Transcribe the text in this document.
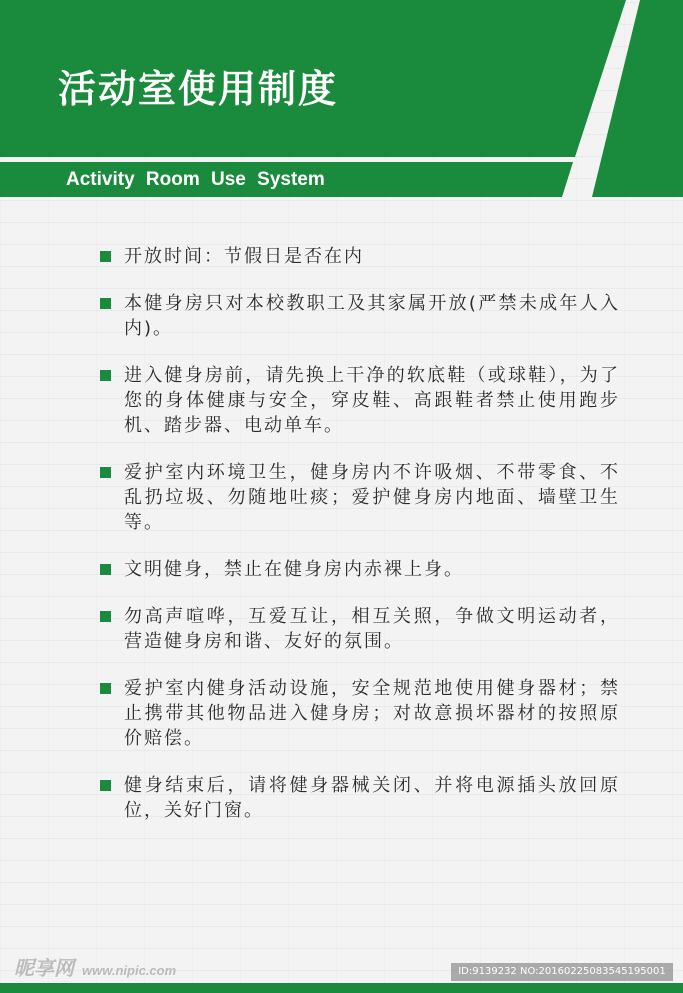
活动室使用制度
Activity Room Use System
开放时间：节假日是否在内
本健身房只对本校教职工及其家属开放(严禁未成年人入内)。
进入健身房前，请先换上干净的软底鞋（或球鞋），为了您的身体健康与安全，穿皮鞋、高跟鞋者禁止使用跑步机、踏步器、电动单车。
爱护室内环境卫生，健身房内不许吸烟、不带零食、不乱扔垃圾、勿随地吐痰；爱护健身房内地面、墙壁卫生等。
文明健身，禁止在健身房内赤裸上身。
勿高声喧哗，互爱互让，相互关照，争做文明运动者，营造健身房和谐、友好的氛围。
爱护室内健身活动设施，安全规范地使用健身器材；禁止携带其他物品进入健身房；对故意损坏器材的按照原价赔偿。
健身结束后，请将健身器械关闭、并将电源插头放回原位，关好门窗。
昵享网 www.nipic.com	ID:9139232 NO:20160225083545195001
